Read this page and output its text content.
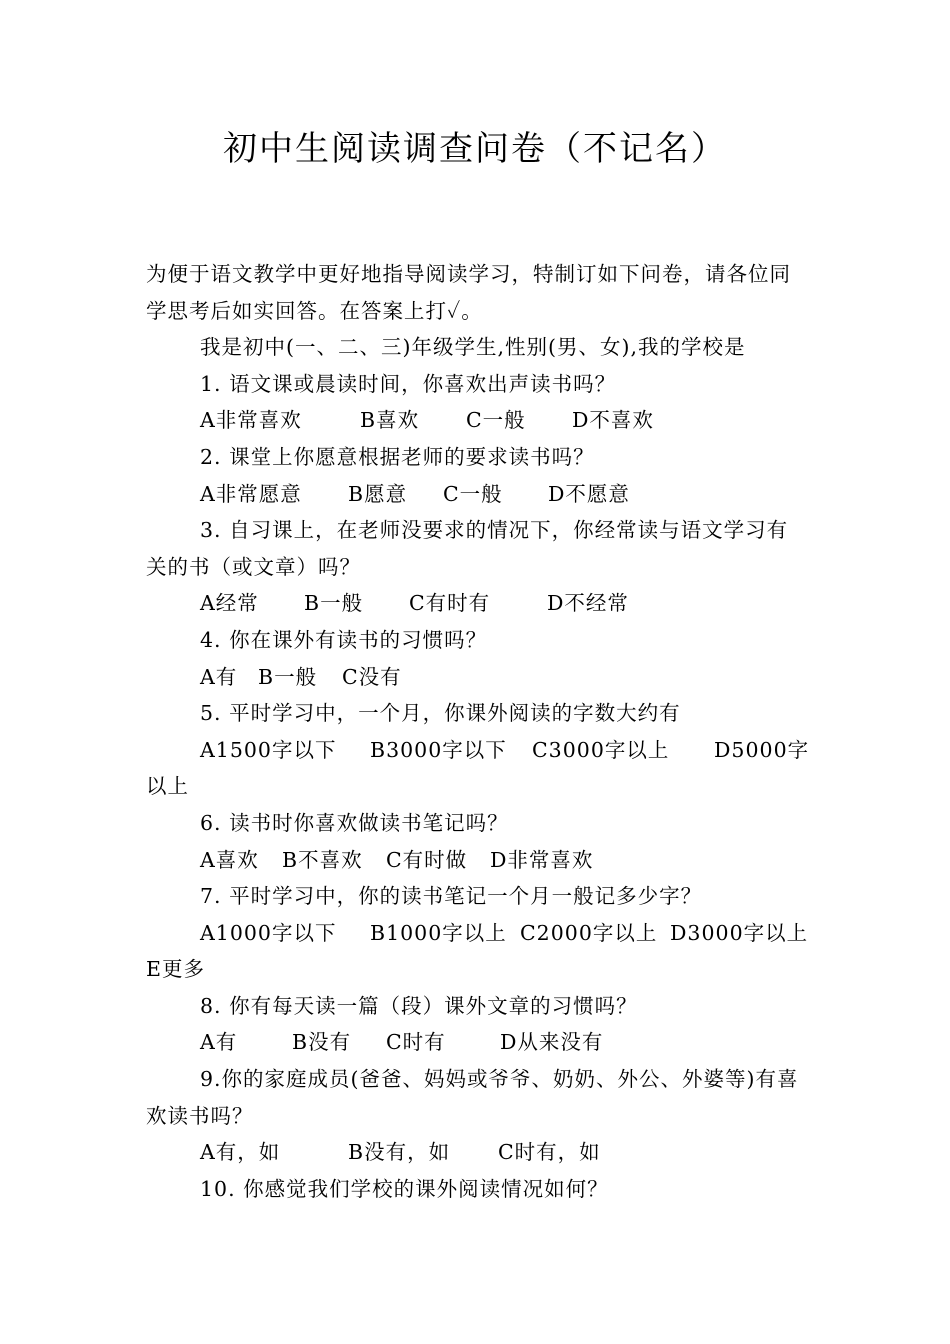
初中生阅读调查问卷（不记名）

为便于语文教学中更好地指导阅读学习，特制订如下问卷，请各位同

学思考后如实回答。在答案上打✓。

我是初中(一、二、三)年级学生,性别(男、女),我的学校是

1. 语文课或晨读时间，你喜欢出声读书吗？

A非常喜欢	B喜欢	C一般	D不喜欢

2. 课堂上你愿意根据老师的要求读书吗？

A非常愿意	B愿意	C一般	D不愿意

3. 自习课上，在老师没要求的情况下，你经常读与语文学习有

关的书（或文章）吗？

A经常	B一般	C有时有	D不经常

4. 你在课外有读书的习惯吗？

A有	B一般	C没有

5. 平时学习中，一个月，你课外阅读的字数大约有

A1500字以下	B3000字以下	C3000字以上	D5000字

以上

6. 读书时你喜欢做读书笔记吗？

A喜欢	B不喜欢	C有时做	D非常喜欢

7. 平时学习中，你的读书笔记一个月一般记多少字？

A1000字以下	B1000字以上 C2000字以上 D3000字以上

E更多

8. 你有每天读一篇（段）课外文章的习惯吗？

A有	B没有	C时有	D从来没有

9.你的家庭成员(爸爸、妈妈或爷爷、奶奶、外公、外婆等)有喜

欢读书吗？

A有，如	B没有，如	C时有，如

10. 你感觉我们学校的课外阅读情况如何？
